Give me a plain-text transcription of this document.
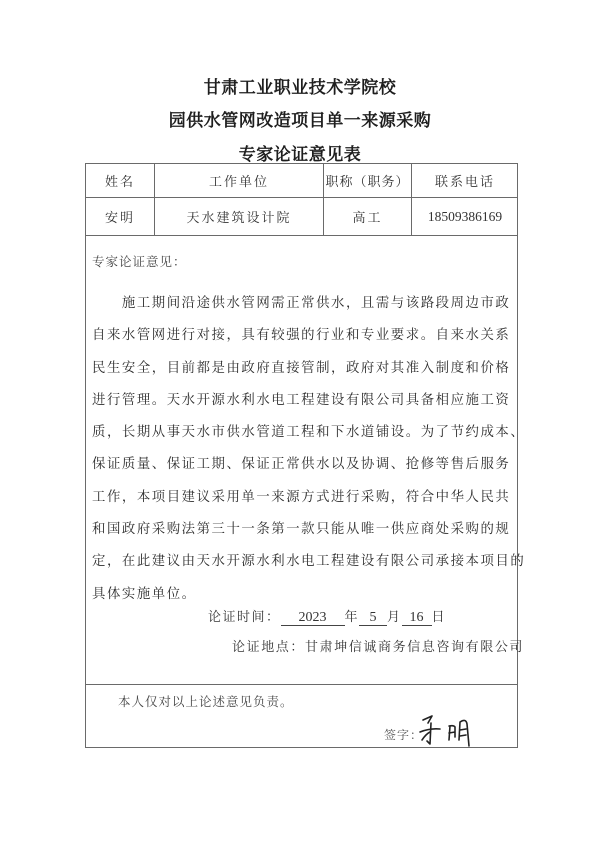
甘肃工业职业技术学院校
园供水管网改造项目单一来源采购
专家论证意见表
姓名	工作单位	职称（职务）	联系电话
安明	天水建筑设计院	高工	18509386169
专家论证意见：
　　施工期间沿途供水管网需正常供水，且需与该路段周边市政
自来水管网进行对接，具有较强的行业和专业要求。自来水关系
民生安全，目前都是由政府直接管制，政府对其准入制度和价格
进行管理。天水开源水利水电工程建设有限公司具备相应施工资
质，长期从事天水市供水管道工程和下水道铺设。为了节约成本、
保证质量、保证工期、保证正常供水以及协调、抢修等售后服务
工作，本项目建议采用单一来源方式进行采购，符合中华人民共
和国政府采购法第三十一条第一款只能从唯一供应商处采购的规
定，在此建议由天水开源水利水电工程建设有限公司承接本项目的
具体实施单位。
论证时间： 2023 年 5 月 16 日
论证地点：甘肃坤信诚商务信息咨询有限公司
本人仅对以上论述意见负责。
签字：
